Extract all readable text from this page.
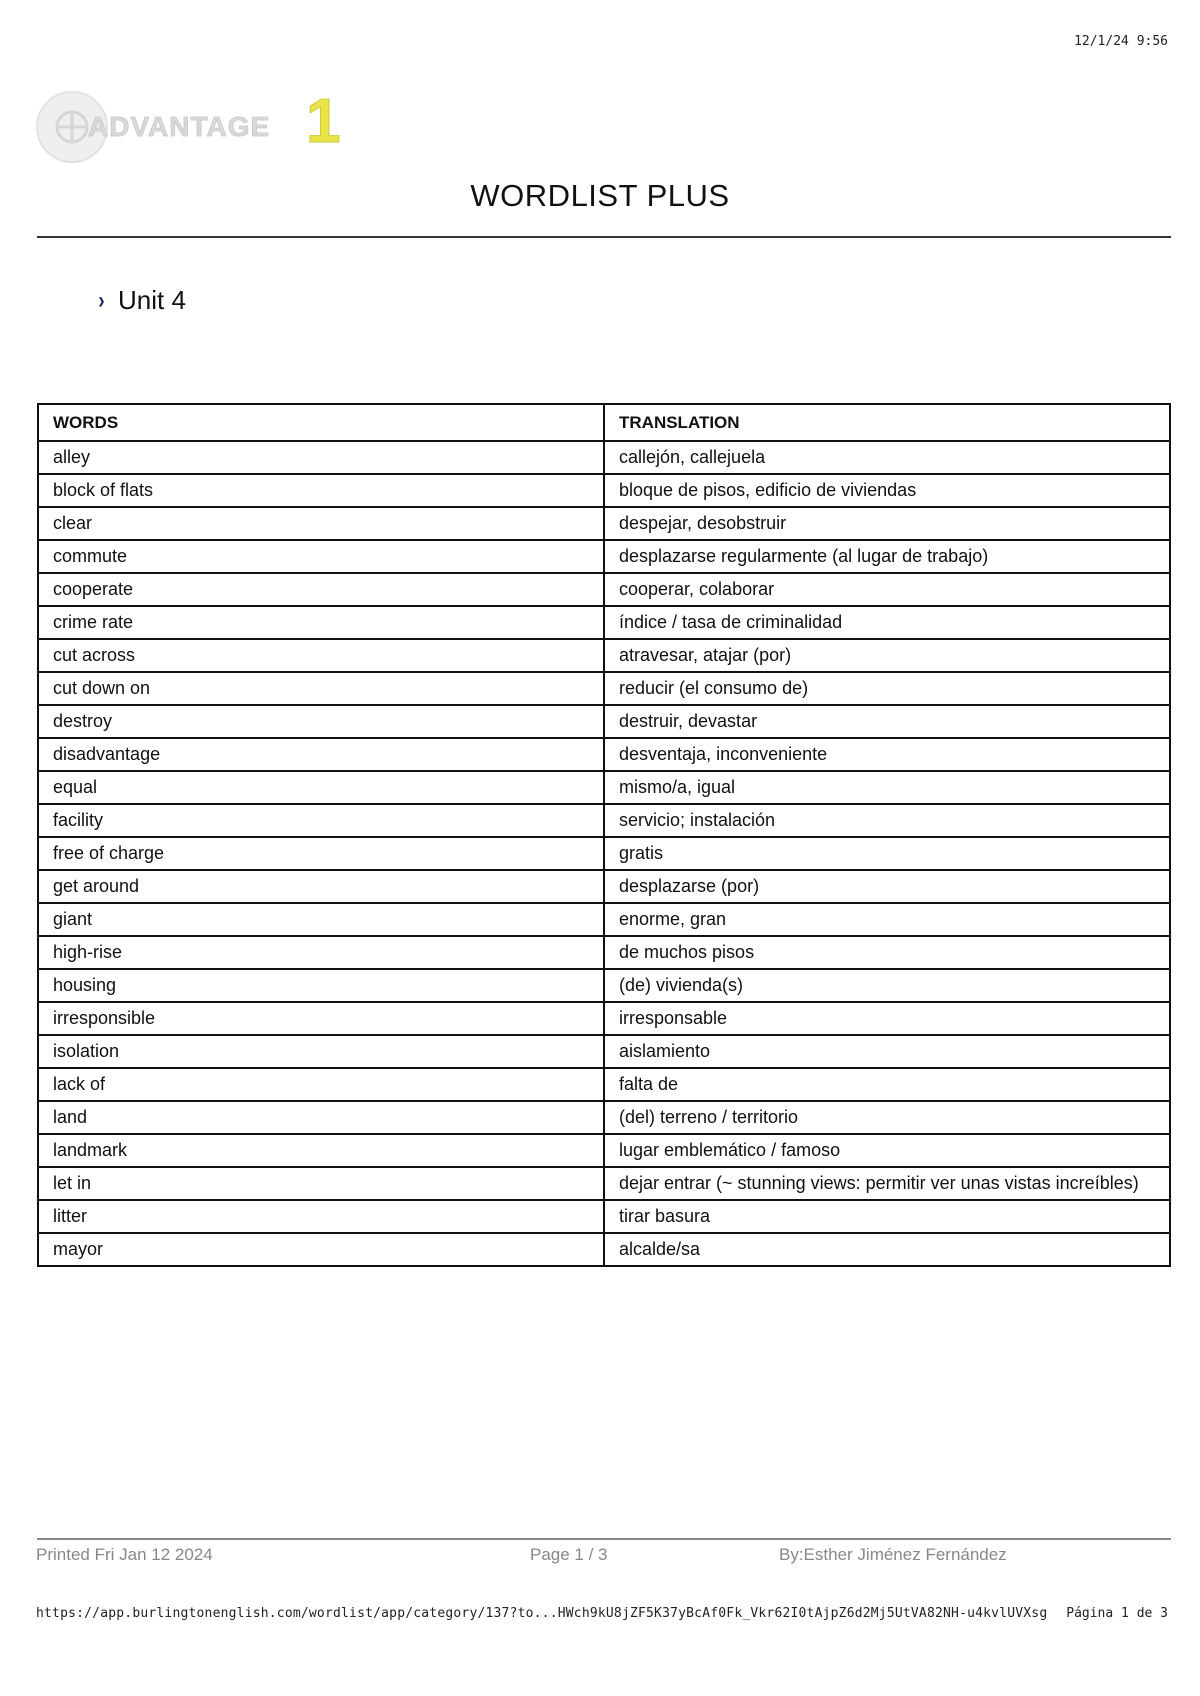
12/1/24 9:56
ADVANTAGE 1
WORDLIST PLUS
› Unit 4
WORDS	TRANSLATION
alley	callejón, callejuela
block of flats	bloque de pisos, edificio de viviendas
clear	despejar, desobstruir
commute	desplazarse regularmente (al lugar de trabajo)
cooperate	cooperar, colaborar
crime rate	índice / tasa de criminalidad
cut across	atravesar, atajar (por)
cut down on	reducir (el consumo de)
destroy	destruir, devastar
disadvantage	desventaja, inconveniente
equal	mismo/a, igual
facility	servicio; instalación
free of charge	gratis
get around	desplazarse (por)
giant	enorme, gran
high-rise	de muchos pisos
housing	(de) vivienda(s)
irresponsible	irresponsable
isolation	aislamiento
lack of	falta de
land	(del) terreno / territorio
landmark	lugar emblemático / famoso
let in	dejar entrar (~ stunning views: permitir ver unas vistas increíbles)
litter	tirar basura
mayor	alcalde/sa
Printed Fri Jan 12 2024	Page 1 / 3	By:Esther Jiménez Fernández
https://app.burlingtonenglish.com/wordlist/app/category/137?to...HWch9kU8jZF5K37yBcAf0Fk_Vkr62I0tAjpZ6d2Mj5UtVA82NH-u4kvlUVXsg Página 1 de 3
